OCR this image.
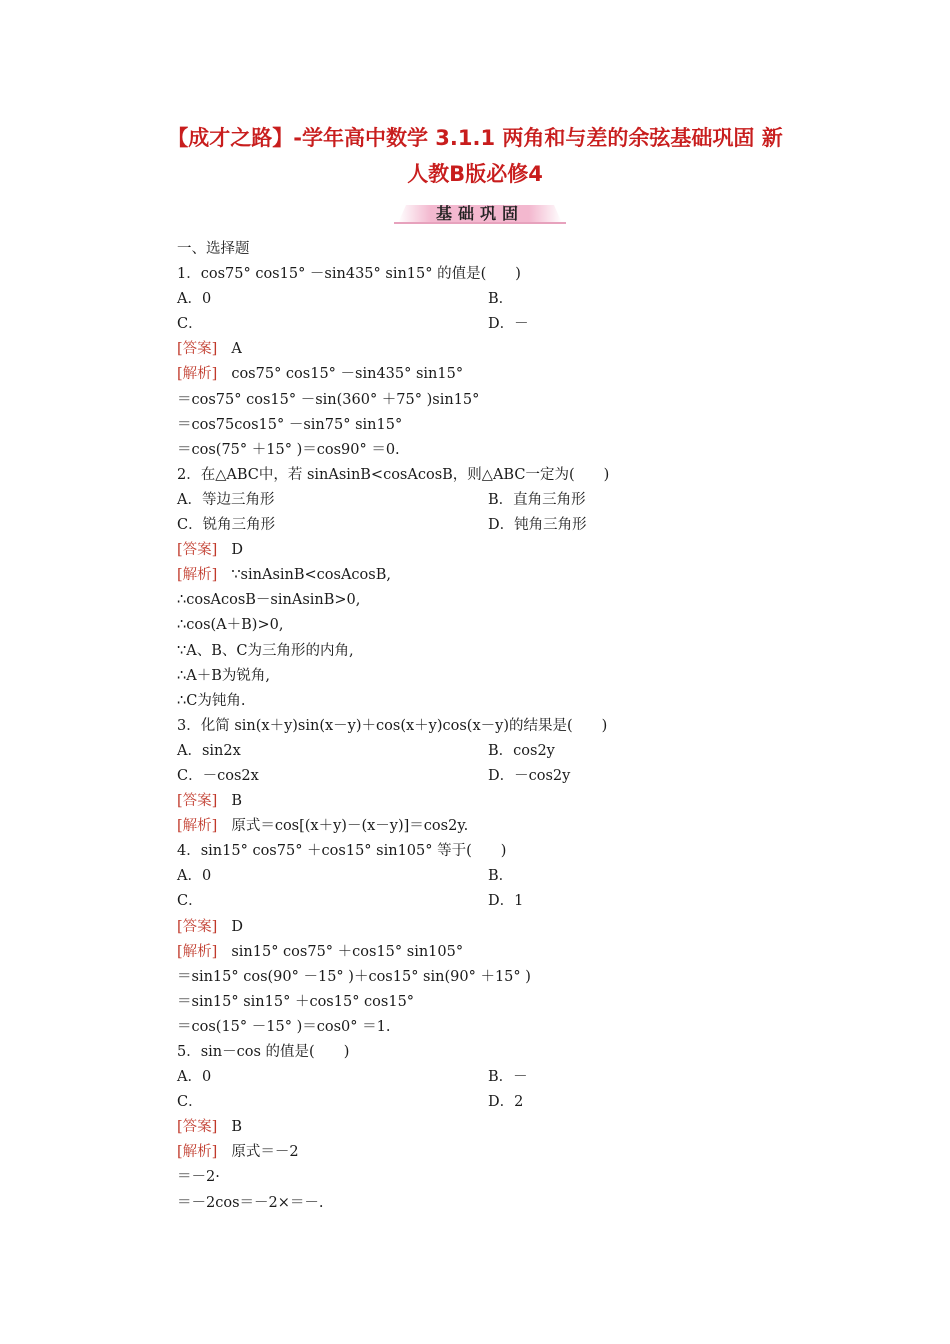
【成才之路】-学年高中数学 3.1.1 两角和与差的余弦基础巩固 新
人教B版必修4
基础巩固
一、选择题
1．cos75° cos15° －sin435° sin15° 的值是(　　)
A．0	B．
C．	D．－
[答案] A
[解析] cos75° cos15° －sin435° sin15°
＝cos75° cos15° －sin(360° ＋75° )sin15°
＝cos75cos15° －sin75° sin15°
＝cos(75° ＋15° )＝cos90° ＝0.
2．在△ABC中，若 sinAsinB<cosAcosB，则△ABC一定为(　　)
A．等边三角形	B．直角三角形
C．锐角三角形	D．钝角三角形
[答案] D
[解析] ∵sinAsinB<cosAcosB,
∴cosAcosB－sinAsinB>0,
∴cos(A＋B)>0,
∵A、B、C为三角形的内角,
∴A＋B为锐角,
∴C为钝角.
3．化简 sin(x＋y)sin(x－y)＋cos(x＋y)cos(x－y)的结果是(　　)
A．sin2x	B．cos2y
C．－cos2x	D．－cos2y
[答案] B
[解析] 原式＝cos[(x＋y)－(x－y)]＝cos2y.
4．sin15° cos75° ＋cos15° sin105° 等于(　　)
A．0	B．
C．	D．1
[答案] D
[解析] sin15° cos75° ＋cos15° sin105°
＝sin15° cos(90° －15° )＋cos15° sin(90° ＋15° )
＝sin15° sin15° ＋cos15° cos15°
＝cos(15° －15° )＝cos0° ＝1.
5．sin－cos 的值是(　　)
A．0	B．－
C．	D．2
[答案] B
[解析] 原式＝－2
＝－2·
＝－2cos＝－2×＝－.
